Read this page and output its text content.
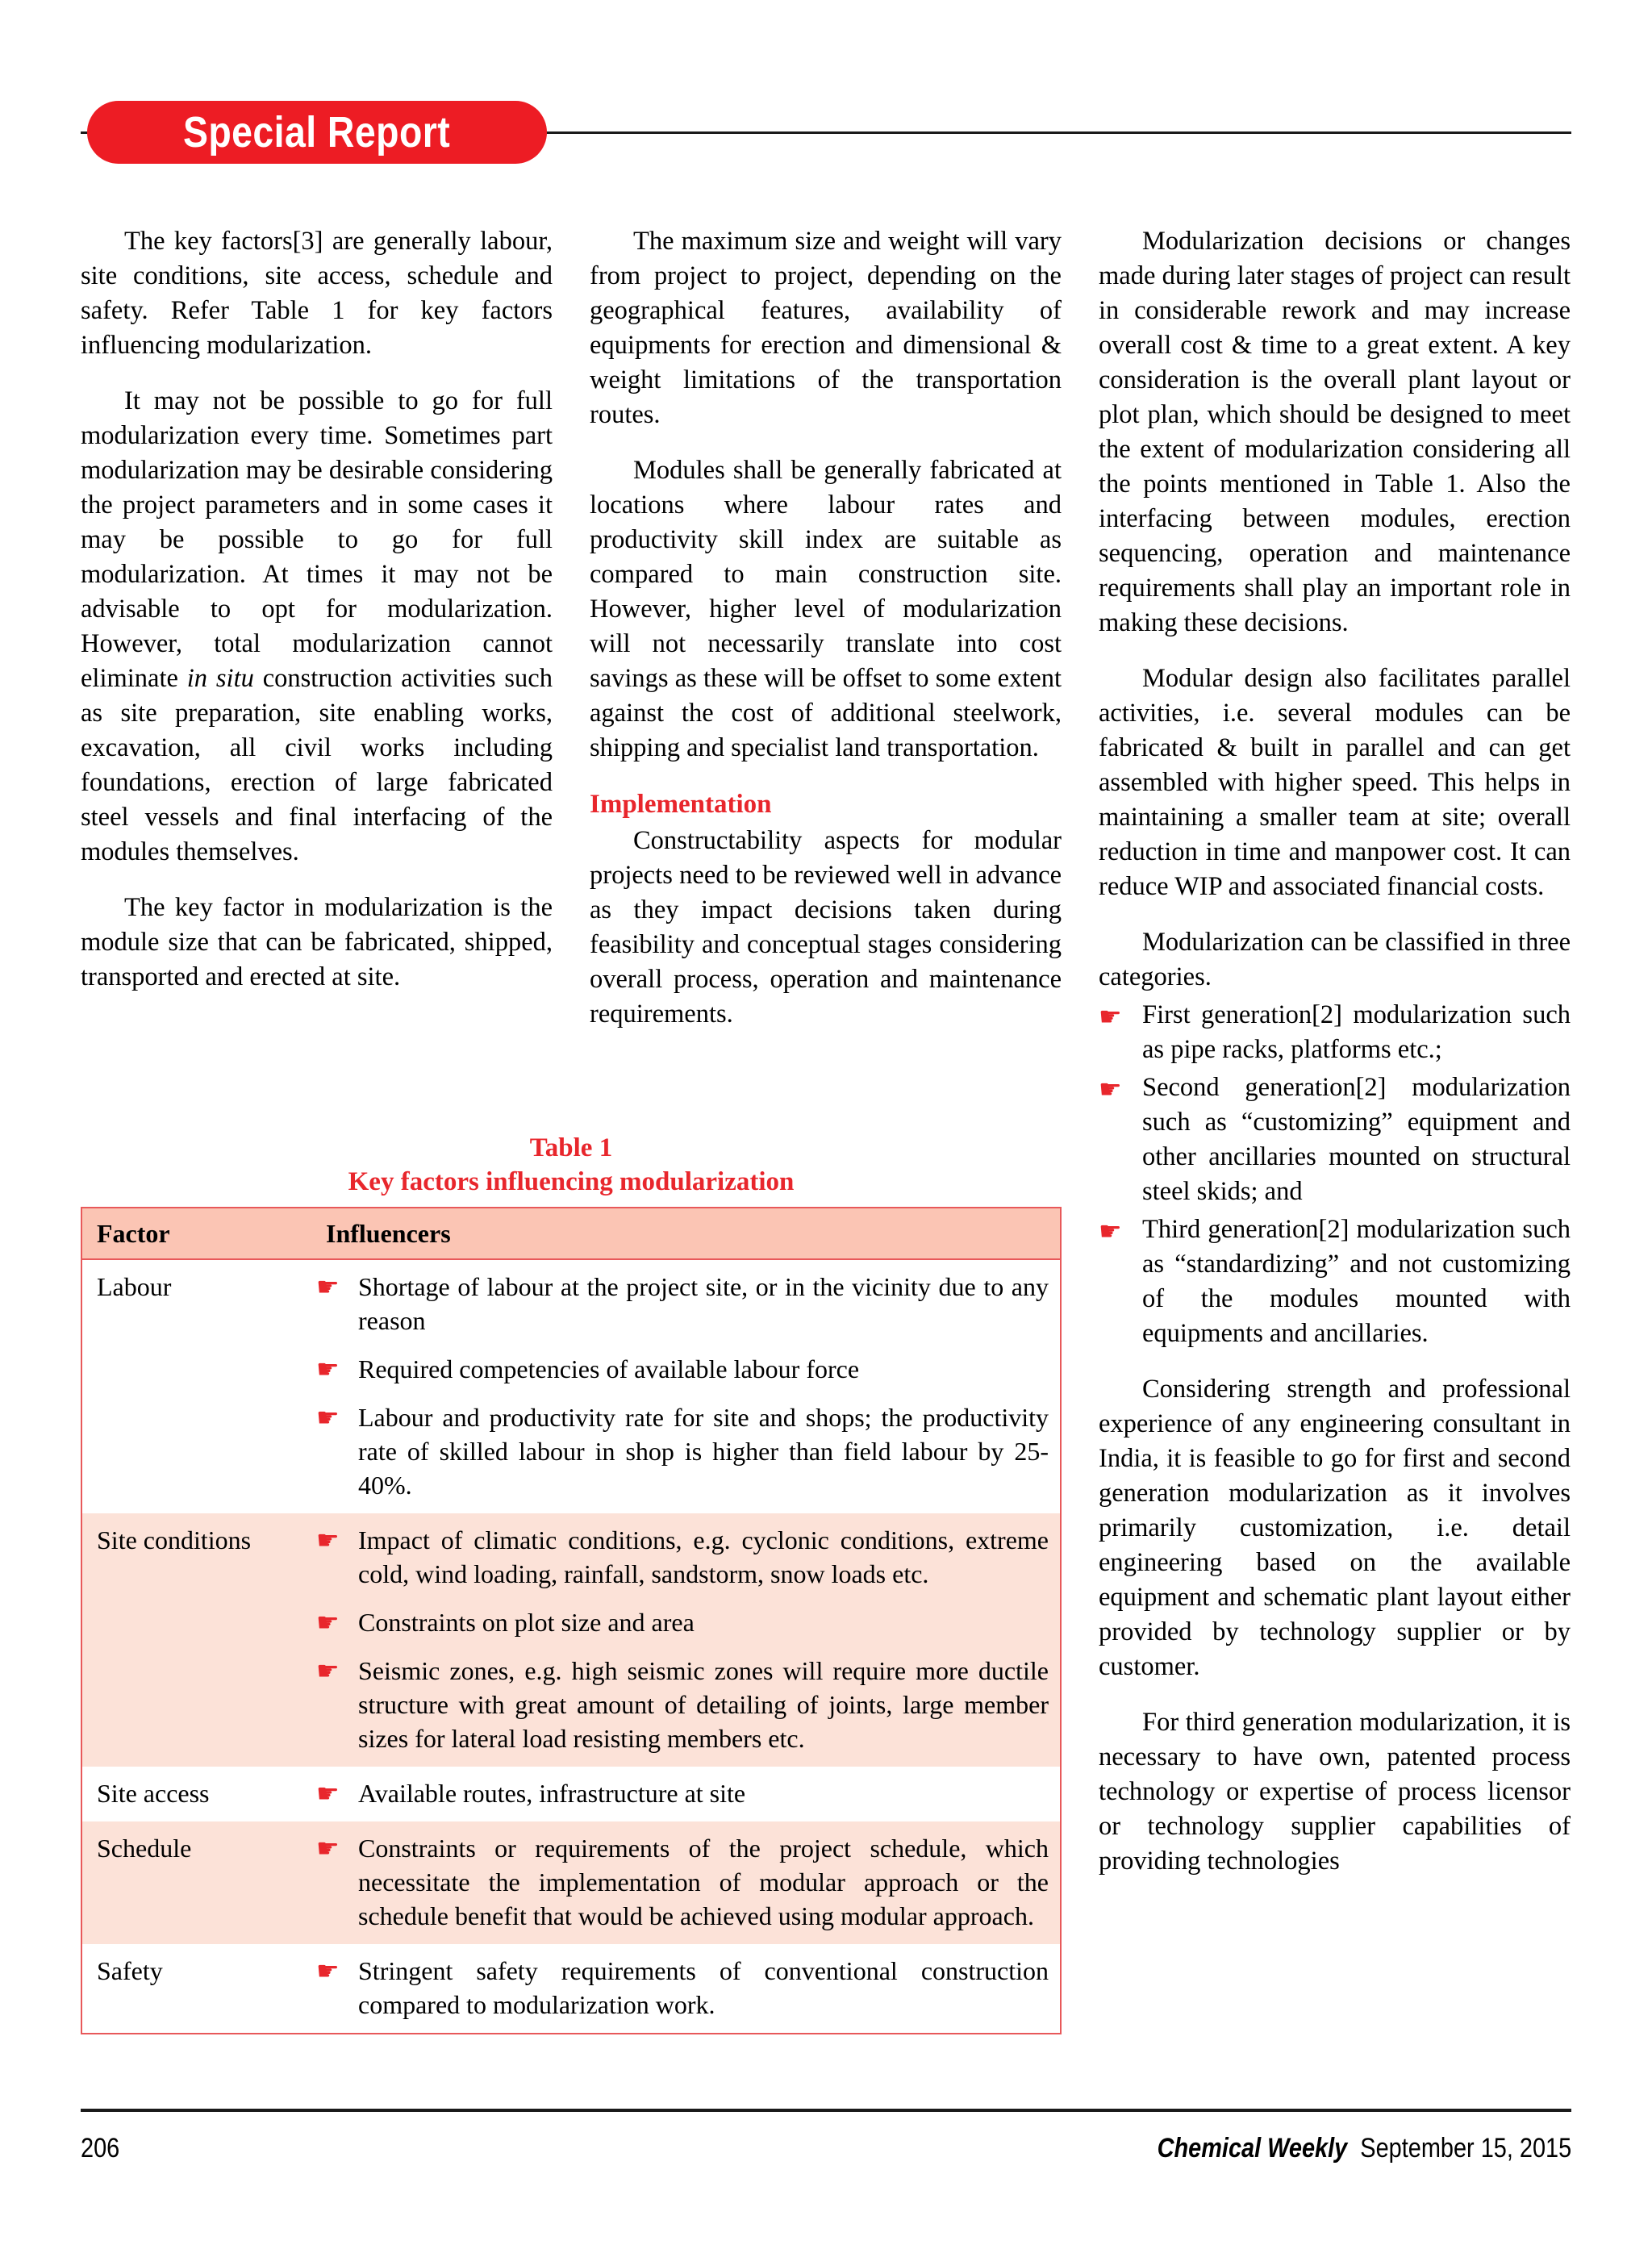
Special Report

The key factors[3] are generally labour, site conditions, site access, schedule and safety. Refer Table 1 for key factors influencing modularization.

It may not be possible to go for full modularization every time. Sometimes part modularization may be desirable considering the project parameters and in some cases it may be possible to go for full modularization. At times it may not be advisable to opt for modularization. However, total modularization cannot eliminate in situ construction activities such as site preparation, site enabling works, excavation, all civil works including foundations, erection of large fabricated steel vessels and final interfacing of the modules themselves.

The key factor in modularization is the module size that can be fabricated, shipped, transported and erected at site.

The maximum size and weight will vary from project to project, depending on the geographical features, availability of equipments for erection and dimensional & weight limitations of the transportation routes.

Modules shall be generally fabricated at locations where labour rates and productivity skill index are suitable as compared to main construction site. However, higher level of modularization will not necessarily translate into cost savings as these will be offset to some extent against the cost of additional steelwork, shipping and specialist land transportation.

Implementation

Constructability aspects for modular projects need to be reviewed well in advance as they impact decisions taken during feasibility and conceptual stages considering overall process, operation and maintenance requirements.

Modularization decisions or changes made during later stages of project can result in considerable rework and may increase overall cost & time to a great extent. A key consideration is the overall plant layout or plot plan, which should be designed to meet the extent of modularization considering all the points mentioned in Table 1. Also the interfacing between modules, erection sequencing, operation and maintenance requirements shall play an important role in making these decisions.

Modular design also facilitates parallel activities, i.e. several modules can be fabricated & built in parallel and can get assembled with higher speed. This helps in maintaining a smaller team at site; overall reduction in time and manpower cost. It can reduce WIP and associated financial costs.

Modularization can be classified in three categories.

☛ First generation[2] modularization such as pipe racks, platforms etc.;
☛ Second generation[2] modularization such as “customizing” equipment and other ancillaries mounted on structural steel skids; and
☛ Third generation[2] modularization such as “standardizing” and not customizing of the modules mounted with equipments and ancillaries.

Considering strength and professional experience of any engineering consultant in India, it is feasible to go for first and second generation modularization as it involves primarily customization, i.e. detail engineering based on the available equipment and schematic plant layout either provided by technology supplier or by customer.

For third generation modularization, it is necessary to have own, patented process technology or expertise of process licensor or technology supplier capabilities of providing technologies

Table 1
Key factors influencing modularization
Factor	Influencers
Labour	☛ Shortage of labour at the project site, or in the vicinity due to any reason
☛ Required competencies of available labour force
☛ Labour and productivity rate for site and shops; the productivity rate of skilled labour in shop is higher than field labour by 25-40%.

Site conditions	☛ Impact of climatic conditions, e.g. cyclonic conditions, extreme cold, wind loading, rainfall, sandstorm, snow loads etc.
☛ Constraints on plot size and area
☛ Seismic zones, e.g. high seismic zones will require more ductile structure with great amount of detailing of joints, large member sizes for lateral load resisting members etc.

Site access	☛ Available routes, infrastructure at site

Schedule	☛ Constraints or requirements of the project schedule, which necessitate the implementation of modular approach or the schedule benefit that would be achieved using modular approach.

Safety	☛ Stringent safety requirements of conventional construction compared to modularization work.
206	Chemical Weekly September 15, 2015
